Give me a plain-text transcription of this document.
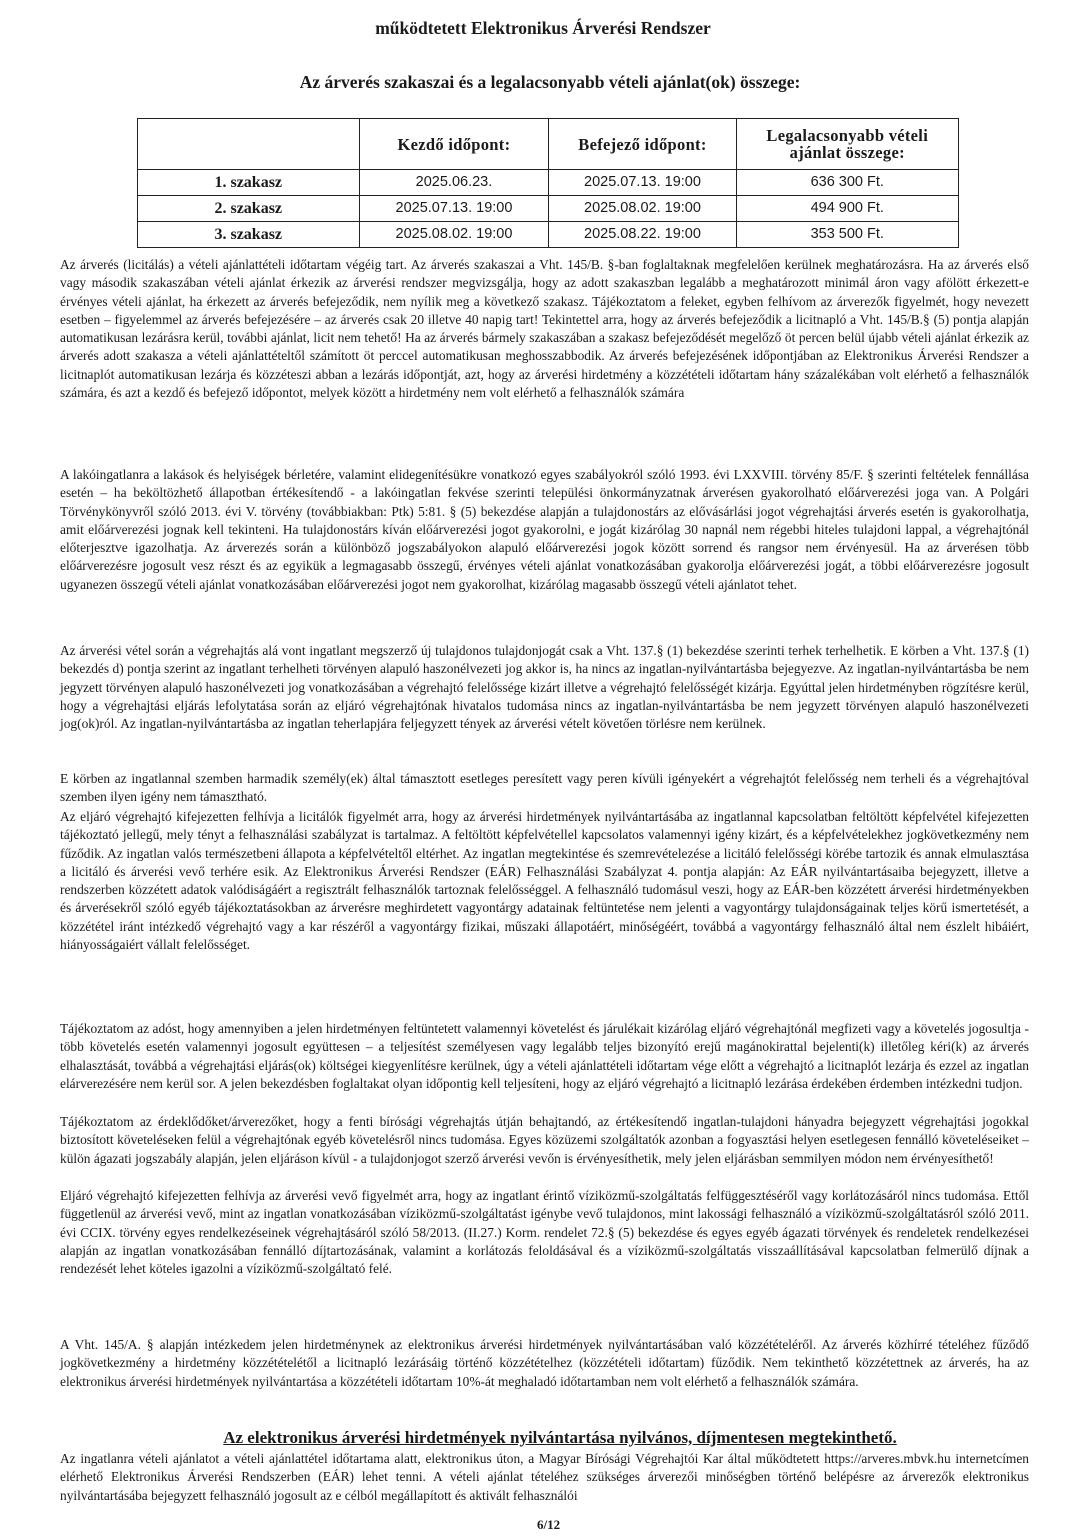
működtetett Elektronikus Árverési Rendszer
Az árverés szakaszai és a legalacsonyabb vételi ajánlat(ok) összege:
	Kezdő időpont:	Befejező időpont:	Legalacsonyabb vételi ajánlat összege:
1. szakasz	2025.06.23.	2025.07.13. 19:00	636 300 Ft.
2. szakasz	2025.07.13. 19:00	2025.08.02. 19:00	494 900 Ft.
3. szakasz	2025.08.02. 19:00	2025.08.22. 19:00	353 500 Ft.

Az árverés (licitálás) a vételi ajánlattételi időtartam végéig tart. Az árverés szakaszai a Vht. 145/B. §-ban foglaltaknak megfelelően kerülnek meghatározásra. Ha az árverés első vagy második szakaszában vételi ajánlat érkezik az árverési rendszer megvizsgálja, hogy az adott szakaszban legalább a meghatározott minimál áron vagy afölött érkezett-e érvényes vételi ajánlat, ha érkezett az árverés befejeződik, nem nyílik meg a következő szakasz. Tájékoztatom a feleket, egyben felhívom az árverezők figyelmét, hogy nevezett esetben – figyelemmel az árverés befejezésére – az árverés csak 20 illetve 40 napig tart! Tekintettel arra, hogy az árverés befejeződik a licitnapló a Vht. 145/B.§ (5) pontja alapján automatikusan lezárásra kerül, további ajánlat, licit nem tehető! Ha az árverés bármely szakaszában a szakasz befejeződését megelőző öt percen belül újabb vételi ajánlat érkezik az árverés adott szakasza a vételi ajánlattételtől számított öt perccel automatikusan meghosszabbodik. Az árverés befejezésének időpontjában az Elektronikus Árverési Rendszer a licitnaplót automatikusan lezárja és közzéteszi abban a lezárás időpontját, azt, hogy az árverési hirdetmény a közzétételi időtartam hány százalékában volt elérhető a felhasználók számára, és azt a kezdő és befejező időpontot, melyek között a hirdetmény nem volt elérhető a felhasználók számára

A lakóingatlanra a lakások és helyiségek bérletére, valamint elidegenítésükre vonatkozó egyes szabályokról szóló 1993. évi LXXVIII. törvény 85/F. § szerinti feltételek fennállása esetén – ha beköltözhető állapotban értékesítendő - a lakóingatlan fekvése szerinti települési önkormányzatnak árverésen gyakorolható előárverezési joga van. A Polgári Törvénykönyvről szóló 2013. évi V. törvény (továbbiakban: Ptk) 5:81. § (5) bekezdése alapján a tulajdonostárs az elővásárlási jogot végrehajtási árverés esetén is gyakorolhatja, amit előárverezési jognak kell tekinteni. Ha tulajdonostárs kíván előárverezési jogot gyakorolni, e jogát kizárólag 30 napnál nem régebbi hiteles tulajdoni lappal, a végrehajtónál előterjesztve igazolhatja. Az árverezés során a különböző jogszabályokon alapuló előárverezési jogok között sorrend és rangsor nem érvényesül. Ha az árverésen több előárverezésre jogosult vesz részt és az egyikük a legmagasabb összegű, érvényes vételi ajánlat vonatkozásában gyakorolja előárverezési jogát, a többi előárverezésre jogosult ugyanezen összegű vételi ajánlat vonatkozásában előárverezési jogot nem gyakorolhat, kizárólag magasabb összegű vételi ajánlatot tehet.

Az árverési vétel során a végrehajtás alá vont ingatlant megszerző új tulajdonos tulajdonjogát csak a Vht. 137.§ (1) bekezdése szerinti terhek terhelhetik. E körben a Vht. 137.§ (1) bekezdés d) pontja szerint az ingatlant terhelheti törvényen alapuló haszonélvezeti jog akkor is, ha nincs az ingatlan-nyilvántartásba bejegyezve. Az ingatlan-nyilvántartásba be nem jegyzett törvényen alapuló haszonélvezeti jog vonatkozásában a végrehajtó felelőssége kizárt illetve a végrehajtó felelősségét kizárja. Egyúttal jelen hirdetményben rögzítésre kerül, hogy a végrehajtási eljárás lefolytatása során az eljáró végrehajtónak hivatalos tudomása nincs az ingatlan-nyilvántartásba be nem jegyzett törvényen alapuló haszonélvezeti jog(ok)ról. Az ingatlan-nyilvántartásba az ingatlan teherlapjára feljegyzett tények az árverési vételt követően törlésre nem kerülnek.

E körben az ingatlannal szemben harmadik személy(ek) által támasztott esetleges peresített vagy peren kívüli igényekért a végrehajtót felelősség nem terheli és a végrehajtóval szemben ilyen igény nem támasztható.

Az eljáró végrehajtó kifejezetten felhívja a licitálók figyelmét arra, hogy az árverési hirdetmények nyilvántartásába az ingatlannal kapcsolatban feltöltött képfelvétel kifejezetten tájékoztató jellegű, mely tényt a felhasználási szabályzat is tartalmaz. A feltöltött képfelvétellel kapcsolatos valamennyi igény kizárt, és a képfelvételekhez jogkövetkezmény nem fűződik. Az ingatlan valós természetbeni állapota a képfelvételtől eltérhet. Az ingatlan megtekintése és szemrevételezése a licitáló felelősségi körébe tartozik és annak elmulasztása a licitáló és árverési vevő terhére esik. Az Elektronikus Árverési Rendszer (EÁR) Felhasználási Szabályzat 4. pontja alapján: Az EÁR nyilvántartásaiba bejegyzett, illetve a rendszerben közzétett adatok valódiságáért a regisztrált felhasználók tartoznak felelősséggel. A felhasználó tudomásul veszi, hogy az EÁR-ben közzétett árverési hirdetményekben és árverésekről szóló egyéb tájékoztatásokban az árverésre meghirdetett vagyontárgy adatainak feltüntetése nem jelenti a vagyontárgy tulajdonságainak teljes körű ismertetését, a közzététel iránt intézkedő végrehajtó vagy a kar részéről a vagyontárgy fizikai, műszaki állapotáért, minőségéért, továbbá a vagyontárgy felhasználó által nem észlelt hibáiért, hiányosságaiért vállalt felelősséget.

Tájékoztatom az adóst, hogy amennyiben a jelen hirdetményen feltüntetett valamennyi követelést és járulékait kizárólag eljáró végrehajtónál megfizeti vagy a követelés jogosultja - több követelés esetén valamennyi jogosult együttesen – a teljesítést személyesen vagy legalább teljes bizonyító erejű magánokirattal bejelenti(k) illetőleg kéri(k) az árverés elhalasztását, továbbá a végrehajtási eljárás(ok) költségei kiegyenlítésre kerülnek, úgy a vételi ajánlattételi időtartam vége előtt a végrehajtó a licitnaplót lezárja és ezzel az ingatlan elárverezésére nem kerül sor. A jelen bekezdésben foglaltakat olyan időpontig kell teljesíteni, hogy az eljáró végrehajtó a licitnapló lezárása érdekében érdemben intézkedni tudjon.

Tájékoztatom az érdeklődőket/árverezőket, hogy a fenti bírósági végrehajtás útján behajtandó, az értékesítendő ingatlan-tulajdoni hányadra bejegyzett végrehajtási jogokkal biztosított követeléseken felül a végrehajtónak egyéb követelésről nincs tudomása. Egyes közüzemi szolgáltatók azonban a fogyasztási helyen esetlegesen fennálló követeléseiket – külön ágazati jogszabály alapján, jelen eljáráson kívül - a tulajdonjogot szerző árverési vevőn is érvényesíthetik, mely jelen eljárásban semmilyen módon nem érvényesíthető!

Eljáró végrehajtó kifejezetten felhívja az árverési vevő figyelmét arra, hogy az ingatlant érintő víziközmű-szolgáltatás felfüggesztéséről vagy korlátozásáról nincs tudomása. Ettől függetlenül az árverési vevő, mint az ingatlan vonatkozásában víziközmű-szolgáltatást igénybe vevő tulajdonos, mint lakossági felhasználó a víziközmű-szolgáltatásról szóló 2011. évi CCIX. törvény egyes rendelkezéseinek végrehajtásáról szóló 58/2013. (II.27.) Korm. rendelet 72.§ (5) bekezdése és egyes egyéb ágazati törvények és rendeletek rendelkezései alapján az ingatlan vonatkozásában fennálló díjtartozásának, valamint a korlátozás feloldásával és a víziközmű-szolgáltatás visszaállításával kapcsolatban felmerülő díjnak a rendezését lehet köteles igazolni a víziközmű-szolgáltató felé.

A Vht. 145/A. § alapján intézkedem jelen hirdetménynek az elektronikus árverési hirdetmények nyilvántartásában való közzétételéről. Az árverés közhírré tételéhez fűződő jogkövetkezmény a hirdetmény közzétételétől a licitnapló lezárásáig történő közzétételhez (közzétételi időtartam) fűződik. Nem tekinthető közzétettnek az árverés, ha az elektronikus árverési hirdetmények nyilvántartása a közzétételi időtartam 10%-át meghaladó időtartamban nem volt elérhető a felhasználók számára.

Az elektronikus árverési hirdetmények nyilvántartása nyilvános, díjmentesen megtekinthető.

Az ingatlanra vételi ajánlatot a vételi ajánlattétel időtartama alatt, elektronikus úton, a Magyar Bírósági Végrehajtói Kar által működtetett https://arveres.mbvk.hu internetcímen elérhető Elektronikus Árverési Rendszerben (EÁR) lehet tenni. A vételi ajánlat tételéhez szükséges árverezői minőségben történő belépésre az árverezők elektronikus nyilvántartásába bejegyzett felhasználó jogosult az e célból megállapított és aktivált felhasználói

6/12
